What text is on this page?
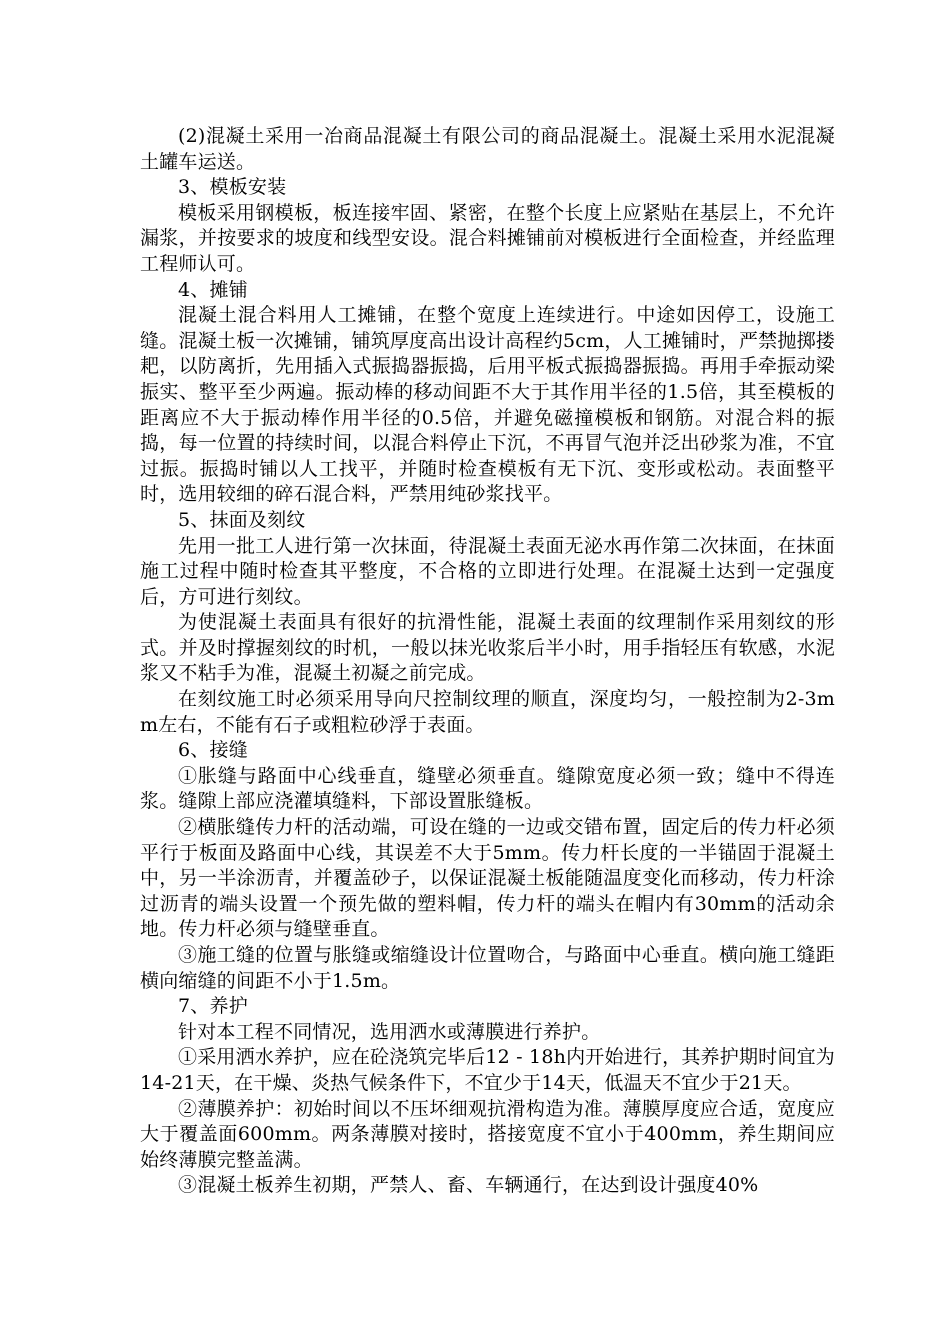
(2)混凝土采用一冶商品混凝土有限公司的商品混凝土。混凝土采用水泥混凝土罐车运送。

3、模板安装

模板采用钢模板，板连接牢固、紧密，在整个长度上应紧贴在基层上，不允许漏浆，并按要求的坡度和线型安设。混合料摊铺前对模板进行全面检查，并经监理工程师认可。

4、摊铺

混凝土混合料用人工摊铺，在整个宽度上连续进行。中途如因停工，设施工缝。混凝土板一次摊铺，铺筑厚度高出设计高程约5cm，人工摊铺时，严禁抛掷搂耙，以防离折，先用插入式振捣器振捣，后用平板式振捣器振捣。再用手牵振动梁振实、整平至少两遍。振动棒的移动间距不大于其作用半径的1.5倍，其至模板的距离应不大于振动棒作用半径的0.5倍，并避免磁撞模板和钢筋。对混合料的振捣，每一位置的持续时间，以混合料停止下沉，不再冒气泡并泛出砂浆为准，不宜过振。振捣时铺以人工找平，并随时检查模板有无下沉、变形或松动。表面整平时，选用较细的碎石混合料，严禁用纯砂浆找平。

5、抹面及刻纹

先用一批工人进行第一次抹面，待混凝土表面无泌水再作第二次抹面，在抹面施工过程中随时检查其平整度，不合格的立即进行处理。在混凝土达到一定强度后，方可进行刻纹。

为使混凝土表面具有很好的抗滑性能，混凝土表面的纹理制作采用刻纹的形式。并及时撑握刻纹的时机，一般以抹光收浆后半小时，用手指轻压有软感，水泥浆又不粘手为准，混凝土初凝之前完成。

在刻纹施工时必须采用导向尺控制纹理的顺直，深度均匀，一般控制为2-3mm左右，不能有石子或粗粒砂浮于表面。

6、接缝

①胀缝与路面中心线垂直，缝壁必须垂直。缝隙宽度必须一致；缝中不得连浆。缝隙上部应浇灌填缝料，下部设置胀缝板。

②横胀缝传力杆的活动端，可设在缝的一边或交错布置，固定后的传力杆必须平行于板面及路面中心线，其误差不大于5mm。传力杆长度的一半锚固于混凝土中，另一半涂沥青，并覆盖砂子，以保证混凝土板能随温度变化而移动，传力杆涂过沥青的端头设置一个预先做的塑料帽，传力杆的端头在帽内有30mm的活动余地。传力杆必须与缝壁垂直。

③施工缝的位置与胀缝或缩缝设计位置吻合，与路面中心垂直。横向施工缝距横向缩缝的间距不小于1.5m。

7、养护

针对本工程不同情况，选用洒水或薄膜进行养护。

①采用洒水养护，应在砼浇筑完毕后12 - 18h内开始进行，其养护期时间宜为14-21天，在干燥、炎热气候条件下，不宜少于14天，低温天不宜少于21天。

②薄膜养护：初始时间以不压坏细观抗滑构造为准。薄膜厚度应合适，宽度应大于覆盖面600mm。两条薄膜对接时，搭接宽度不宜小于400mm，养生期间应始终薄膜完整盖满。

③混凝土板养生初期，严禁人、畜、车辆通行，在达到设计强度40%
